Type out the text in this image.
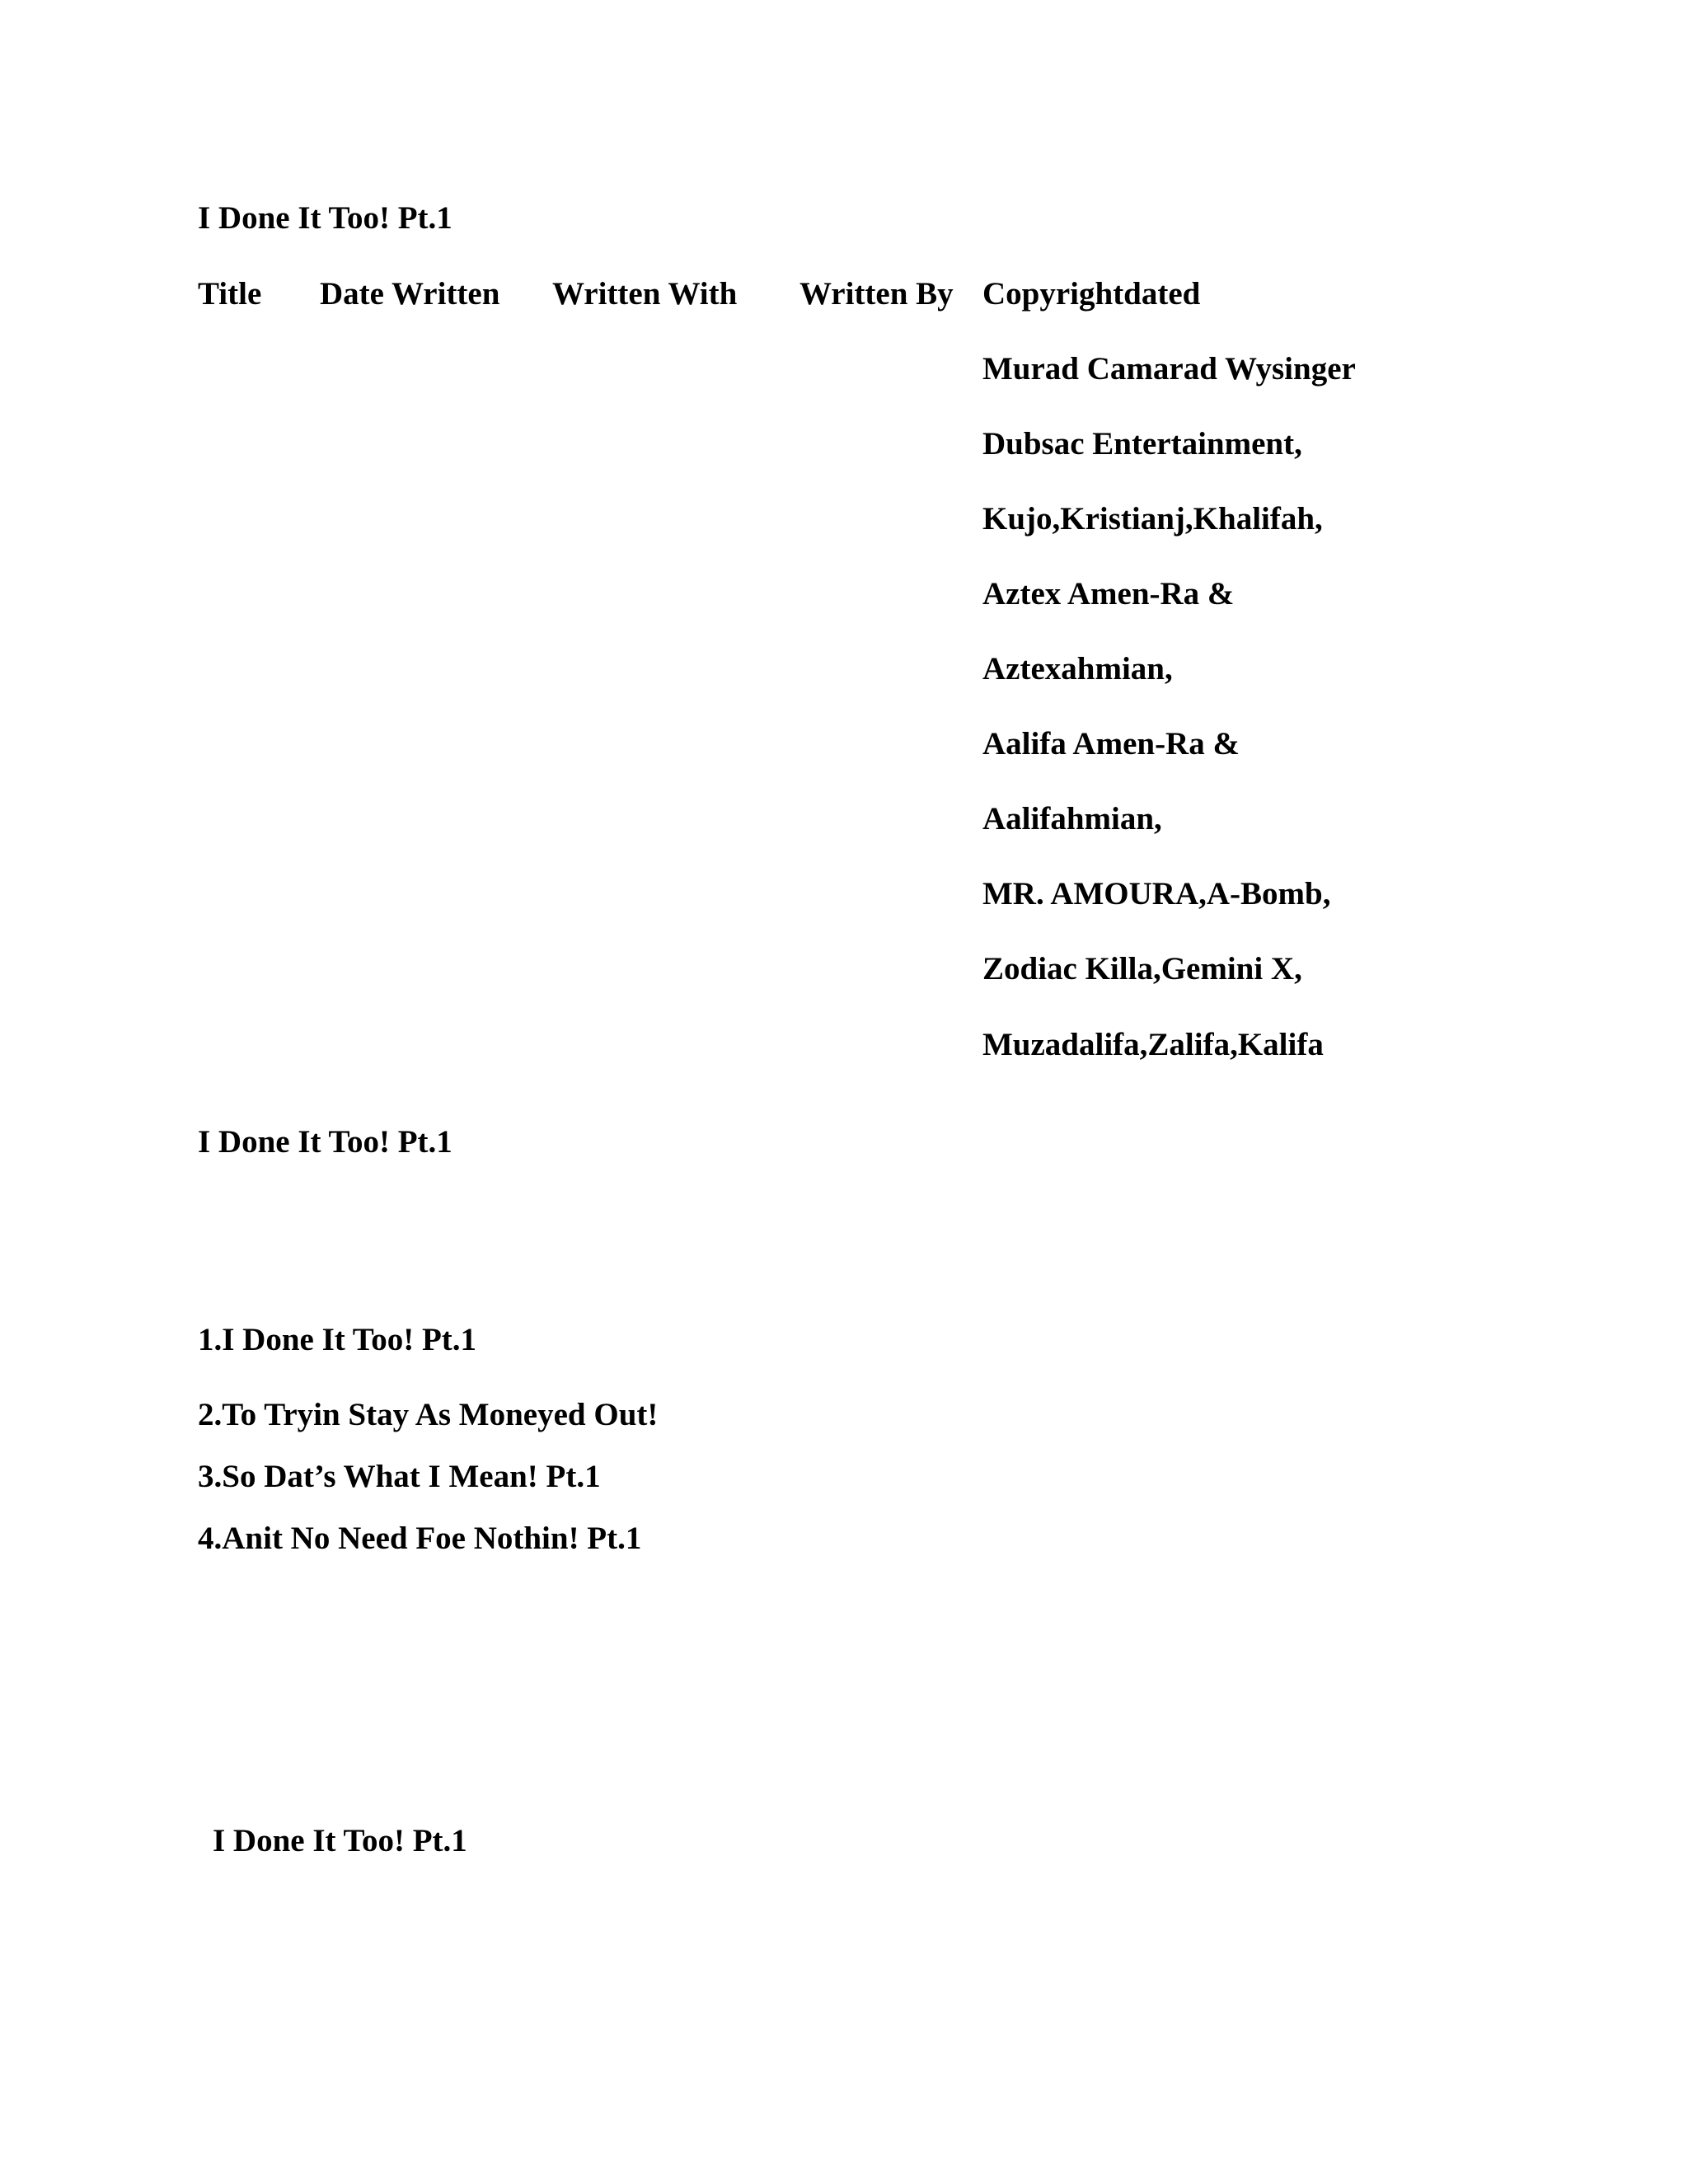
I Done It Too! Pt.1
Title Date Written Written With Written By Copyrightdated
Murad Camarad Wysinger
Dubsac Entertainment,
Kujo,Kristianj,Khalifah,
Aztex Amen-Ra &
Aztexahmian,
Aalifa Amen-Ra &
Aalifahmian,
MR. AMOURA,A-Bomb,
Zodiac Killa,Gemini X,
Muzadalifa,Zalifa,Kalifa
I Done It Too! Pt.1
1.I Done It Too! Pt.1
2.To Tryin Stay As Moneyed Out!
3.So Dat’s What I Mean! Pt.1
4.Anit No Need Foe Nothin! Pt.1
I Done It Too! Pt.1
